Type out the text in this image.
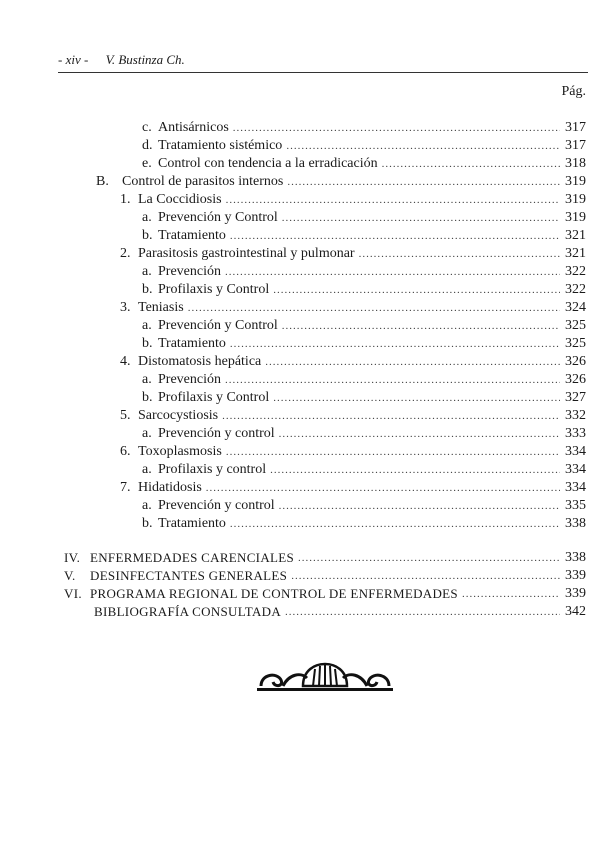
- xiv - V. Bustinza Ch.
Pág.
c. Antisárnicos .....	317
d. Tratamiento sistémico .....	317
e. Control con tendencia a la erradicación .....	318
B. Control de parasitos internos .....	319
1. La Coccidiosis .....	319
a. Prevención y Control .....	319
b. Tratamiento .....	321
2. Parasitosis gastrointestinal y pulmonar .....	321
a. Prevención .....	322
b. Profilaxis y Control .....	322
3. Teniasis .....	324
a. Prevención y Control .....	325
b. Tratamiento .....	325
4. Distomatosis hepática .....	326
a. Prevención .....	326
b. Profilaxis y Control .....	327
5. Sarcocystiosis .....	332
a. Prevención y control .....	333
6. Toxoplasmosis .....	334
a. Profilaxis y control .....	334
7. Hidatidosis .....	334
a. Prevención y control .....	335
b. Tratamiento .....	338
IV. ENFERMEDADES CARENCIALES .....	338
V.	DESINFECTANTES GENERALES .....	339
VI. PROGRAMA REGIONAL DE CONTROL DE ENFERMEDADES .....	339
BIBLIOGRAFÍA CONSULTADA .....	342
